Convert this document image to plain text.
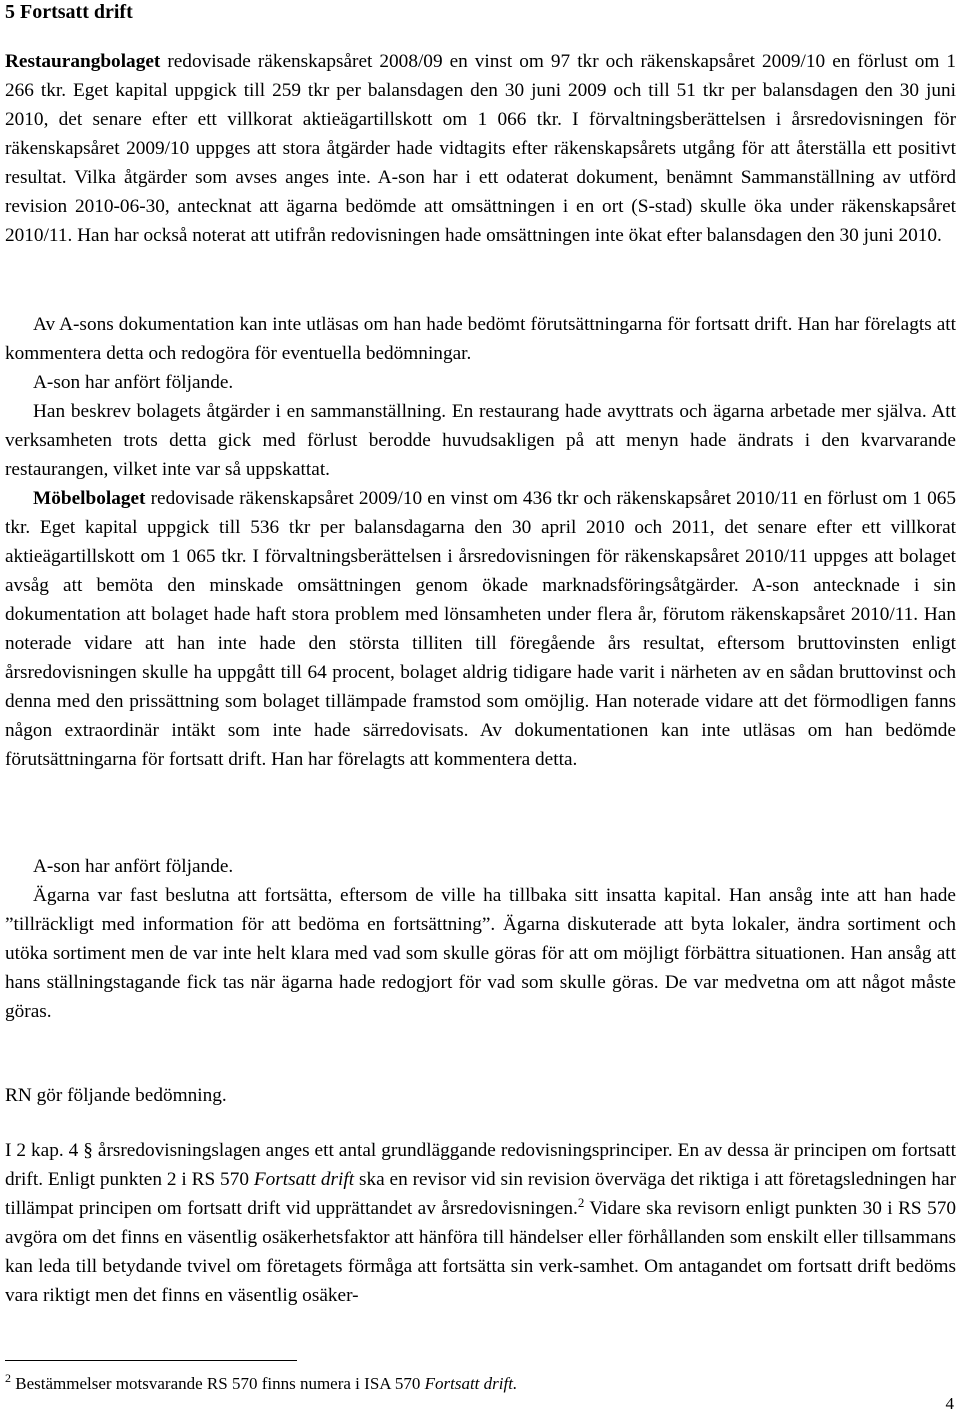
5 Fortsatt drift

Restaurangbolaget redovisade räkenskapsåret 2008/09 en vinst om 97 tkr och räkenskapsåret 2009/10 en förlust om 1 266 tkr. Eget kapital uppgick till 259 tkr per balansdagen den 30 juni 2009 och till 51 tkr per balansdagen den 30 juni 2010, det senare efter ett villkorat aktieägartillskott om 1 066 tkr. I förvaltningsberättelsen i årsredovisningen för räkenskapsåret 2009/10 uppges att stora åtgärder hade vidtagits efter räkenskapsårets utgång för att återställa ett positivt resultat. Vilka åtgärder som avses anges inte. A-son har i ett odaterat dokument, benämnt Sammanställning av utförd revision 2010-06-30, antecknat att ägarna bedömde att omsättningen i en ort (S-stad) skulle öka under räkenskapsåret 2010/11. Han har också noterat att utifrån redovisningen hade omsättningen inte ökat efter balansdagen den 30 juni 2010.

Av A-sons dokumentation kan inte utläsas om han hade bedömt förutsättningarna för fortsatt drift. Han har förelagts att kommentera detta och redogöra för eventuella bedömningar.

A-son har anfört följande.

Han beskrev bolagets åtgärder i en sammanställning. En restaurang hade avyttrats och ägarna arbetade mer själva. Att verksamheten trots detta gick med förlust berodde huvudsakligen på att menyn hade ändrats i den kvarvarande restaurangen, vilket inte var så uppskattat.

Möbelbolaget redovisade räkenskapsåret 2009/10 en vinst om 436 tkr och räkenskapsåret 2010/11 en förlust om 1 065 tkr. Eget kapital uppgick till 536 tkr per balansdagarna den 30 april 2010 och 2011, det senare efter ett villkorat aktieägartillskott om 1 065 tkr. I förvaltningsberättelsen i årsredovisningen för räkenskapsåret 2010/11 uppges att bolaget avsåg att bemöta den minskade omsättningen genom ökade marknadsföringsåtgärder. A-son antecknade i sin dokumentation att bolaget hade haft stora problem med lönsamheten under flera år, förutom räkenskapsåret 2010/11. Han noterade vidare att han inte hade den största tilliten till föregående års resultat, eftersom bruttovinsten enligt årsredovisningen skulle ha uppgått till 64 procent, bolaget aldrig tidigare hade varit i närheten av en sådan bruttovinst och denna med den prissättning som bolaget tillämpade framstod som omöjlig. Han noterade vidare att det förmodligen fanns någon extraordinär intäkt som inte hade särredovisats. Av dokumentationen kan inte utläsas om han bedömde förutsättningarna för fortsatt drift. Han har förelagts att kommentera detta.

A-son har anfört följande.

Ägarna var fast beslutna att fortsätta, eftersom de ville ha tillbaka sitt insatta kapital. Han ansåg inte att han hade ”tillräckligt med information för att bedöma en fortsättning”. Ägarna diskuterade att byta lokaler, ändra sortiment och utöka sortiment men de var inte helt klara med vad som skulle göras för att om möjligt förbättra situationen. Han ansåg att hans ställningstagande fick tas när ägarna hade redogjort för vad som skulle göras. De var medvetna om att något måste göras.

RN gör följande bedömning.

I 2 kap. 4 § årsredovisningslagen anges ett antal grundläggande redovisningsprinciper. En av dessa är principen om fortsatt drift. Enligt punkten 2 i RS 570 Fortsatt drift ska en revisor vid sin revision överväga det riktiga i att företagsledningen har tillämpat principen om fortsatt drift vid upprättandet av årsredovisningen.$^2$ Vidare ska revisorn enligt punkten 30 i RS 570 avgöra om det finns en väsentlig osäkerhetsfaktor att hänföra till händelser eller förhållanden som enskilt eller tillsammans kan leda till betydande tvivel om företagets förmåga att fortsätta sin verk-samhet. Om antagandet om fortsatt drift bedöms vara riktigt men det finns en väsentlig osäker-

$^2$ Bestämmelser motsvarande RS 570 finns numera i ISA 570 Fortsatt drift.
4
